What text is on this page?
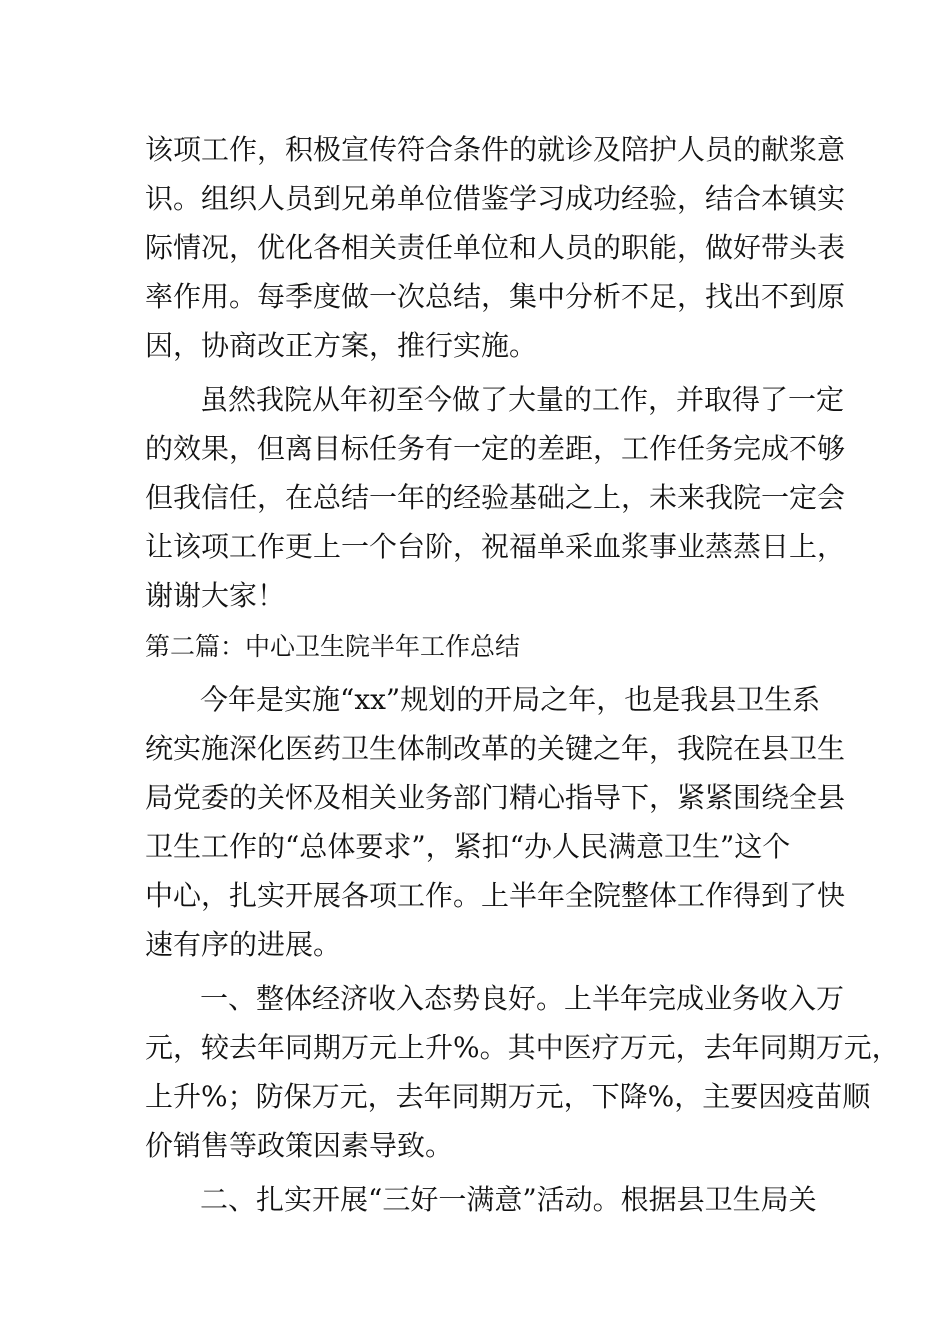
该项工作，积极宣传符合条件的就诊及陪护人员的献浆意
识。组织人员到兄弟单位借鉴学习成功经验，结合本镇实
际情况，优化各相关责任单位和人员的职能，做好带头表
率作用。每季度做一次总结，集中分析不足，找出不到原
因，协商改正方案，推行实施。
虽然我院从年初至今做了大量的工作，并取得了一定
的效果，但离目标任务有一定的差距，工作任务完成不够
但我信任，在总结一年的经验基础之上，未来我院一定会
让该项工作更上一个台阶，祝福单采血浆事业蒸蒸日上，
谢谢大家！
第二篇：中心卫生院半年工作总结
今年是实施“xx”规划的开局之年，也是我县卫生系
统实施深化医药卫生体制改革的关键之年，我院在县卫生
局党委的关怀及相关业务部门精心指导下，紧紧围绕全县
卫生工作的“总体要求”，紧扣“办人民满意卫生”这个
中心，扎实开展各项工作。上半年全院整体工作得到了快
速有序的进展。
一、整体经济收入态势良好。上半年完成业务收入万
元，较去年同期万元上升%。其中医疗万元，去年同期万元，
上升%；防保万元，去年同期万元，下降%，主要因疫苗顺
价销售等政策因素导致。
二、扎实开展“三好一满意”活动。根据县卫生局关
